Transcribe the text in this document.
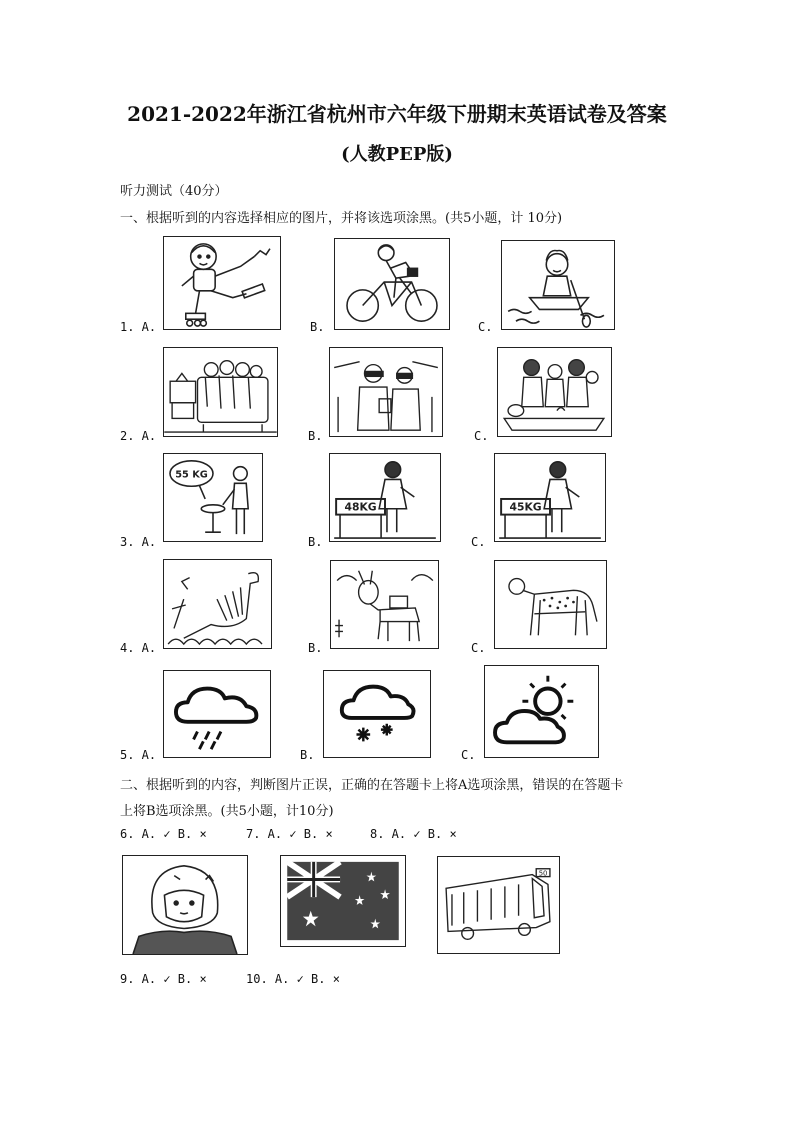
2021-2022年浙江省杭州市六年级下册期末英语试卷及答案
(人教PEP版)
听力测试（40分）
一、根据听到的内容选择相应的图片，并将该选项涂黑。(共5小题，计 10分)
1. A.	B.	C.
2. A.	B.	C.
55 KG
3. A.
48KG
B.
45KG
C.
4. A.	B.	C.
5. A.	B.	C.
二、根据听到的内容，判断图片正误，正确的在答题卡上将A选项涂黑，错误的在答题卡
上将B选项涂黑。(共5小题，计10分)
6. A. ✓ B. ×	7. A. ✓ B. ×	8. A. ✓ B. ×
50
9. A. ✓ B. ×	10. A. ✓ B. ×
